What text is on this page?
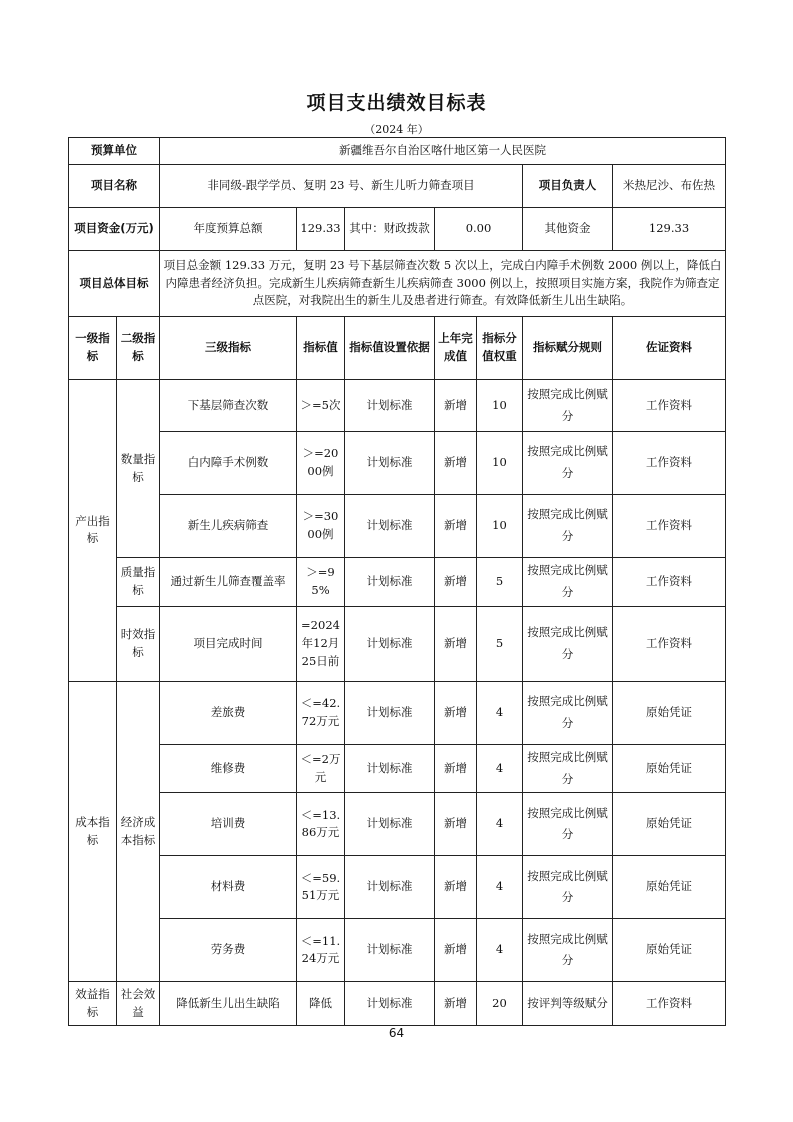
项目支出绩效目标表
（2024 年）
预算单位		新疆维吾尔自治区喀什地区第一人民医院						
项目名称		非同级-跟学学员、复明 23 号、新生儿听力筛查项目					项目负责人	米热尼沙、布佐热
项目资金(万元)		年度预算总额	129.33	其中：财政拨款	0.00		其他资金	129.33
项目总体目标		项目总金额 129.33 万元，复明 23 号下基层筛查次数 5 次以上，完成白内障手术例数 2000 例以上，降低白内障患者经济负担。完成新生儿疾病筛查新生儿疾病筛查 3000 例以上，按照项目实施方案，我院作为筛查定点医院，对我院出生的新生儿及患者进行筛查。有效降低新生儿出生缺陷。						
一级指标	二级指标	三级指标	指标值	指标值设置依据	上年完成值	指标分值权重	指标赋分规则	佐证资料
产出指标	数量指标	下基层筛查次数	＞=5次	计划标准	新增	10	按照完成比例赋分	工作资料
		白内障手术例数	＞=2000例	计划标准	新增	10	按照完成比例赋分	工作资料
		新生儿疾病筛查	＞=3000例	计划标准	新增	10	按照完成比例赋分	工作资料
	质量指标	通过新生儿筛查覆盖率	＞=95%	计划标准	新增	5	按照完成比例赋分	工作资料
	时效指标	项目完成时间	=2024年12月25日前	计划标准	新增	5	按照完成比例赋分	工作资料
成本指标	经济成本指标	差旅费	＜=42.72万元	计划标准	新增	4	按照完成比例赋分	原始凭证
		维修费	＜=2万元	计划标准	新增	4	按照完成比例赋分	原始凭证
		培训费	＜=13.86万元	计划标准	新增	4	按照完成比例赋分	原始凭证
		材料费	＜=59.51万元	计划标准	新增	4	按照完成比例赋分	原始凭证
		劳务费	＜=11.24万元	计划标准	新增	4	按照完成比例赋分	原始凭证
效益指标	社会效益	降低新生儿出生缺陷	降低	计划标准	新增	20	按评判等级赋分	工作资料
64
